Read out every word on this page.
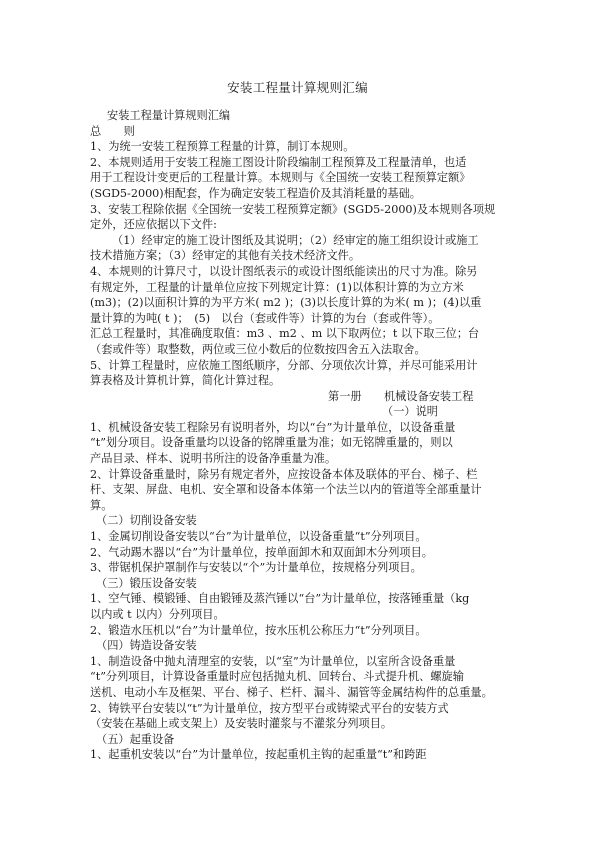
安装工程量计算规则汇编

安装工程量计算规则汇编

总　　则

1、为统一安装工程预算工程量的计算，制订本规则。

2、本规则适用于安装工程施工图设计阶段编制工程预算及工程量清单，也适

用于工程设计变更后的工程量计算。本规则与《全国统一安装工程预算定额》

(SGD5-2000)相配套，作为确定安装工程造价及其消耗量的基础。

3、安装工程除依据《全国统一安装工程预算定额》(SGD5-2000)及本规则各项规

定外，还应依据以下文件:

（1）经审定的施工设计图纸及其说明；（2）经审定的施工组织设计或施工

技术措施方案；（3）经审定的其他有关技术经济文件。

4、本规则的计算尺寸，以设计图纸表示的或设计图纸能读出的尺寸为准。除另

有规定外，工程量的计量单位应按下列规定计算：(1)以体积计算的为立方米

(m3)；(2)以面积计算的为平方米( m2 )；(3)以长度计算的为米( m )；(4)以重

量计算的为吨( t )；　(5)　以台（套或件等）计算的为台（套或件等）。

汇总工程量时，其准确度取值：m3 、m2 、m 以下取两位；t 以下取三位；台

（套或件等）取整数，两位或三位小数后的位数按四舍五入法取舍。

5、计算工程量时，应依施工图纸顺序，分部、分项依次计算，并尽可能采用计

算表格及计算机计算，简化计算过程。

第一册　　机械设备安装工程

（一）说明

1、机械设备安装工程除另有说明者外，均以“台”为计量单位，以设备重量

“t”划分项目。设备重量均以设备的铭牌重量为准；如无铭牌重量的，则以

产品目录、样本、说明书所注的设备净重量为准。

2、计算设备重量时，除另有规定者外，应按设备本体及联体的平台、梯子、栏

杆、支架、屏盘、电机、安全罩和设备本体第一个法兰以内的管道等全部重量计

算。

（二）切削设备安装

1、金属切削设备安装以“台”为计量单位，以设备重量“t”分列项目。

2、气动踢木器以“台”为计量单位，按单面卸木和双面卸木分列项目。

3、带锯机保护罩制作与安装以“个”为计量单位，按规格分列项目。

（三）锻压设备安装

1、空气锤、模锻锤、自由锻锤及蒸汽锤以“台”为计量单位，按落锤重量（kg

以内或 t 以内）分列项目。

2、锻造水压机以“台”为计量单位，按水压机公称压力“t”分列项目。

（四）铸造设备安装

1、制造设备中抛丸清理室的安装，以“室”为计量单位，以室所含设备重量

“t”分列项目，计算设备重量时应包括抛丸机、回转台、斗式提升机、螺旋输

送机、电动小车及框架、平台、梯子、栏杆、漏斗、漏管等金属结构件的总重量。

2、铸铁平台安装以“t”为计量单位，按方型平台或铸梁式平台的安装方式

（安装在基础上或支架上）及安装时灌浆与不灌浆分列项目。

（五）起重设备

1、起重机安装以“台”为计量单位，按起重机主钩的起重量“t”和跨距
